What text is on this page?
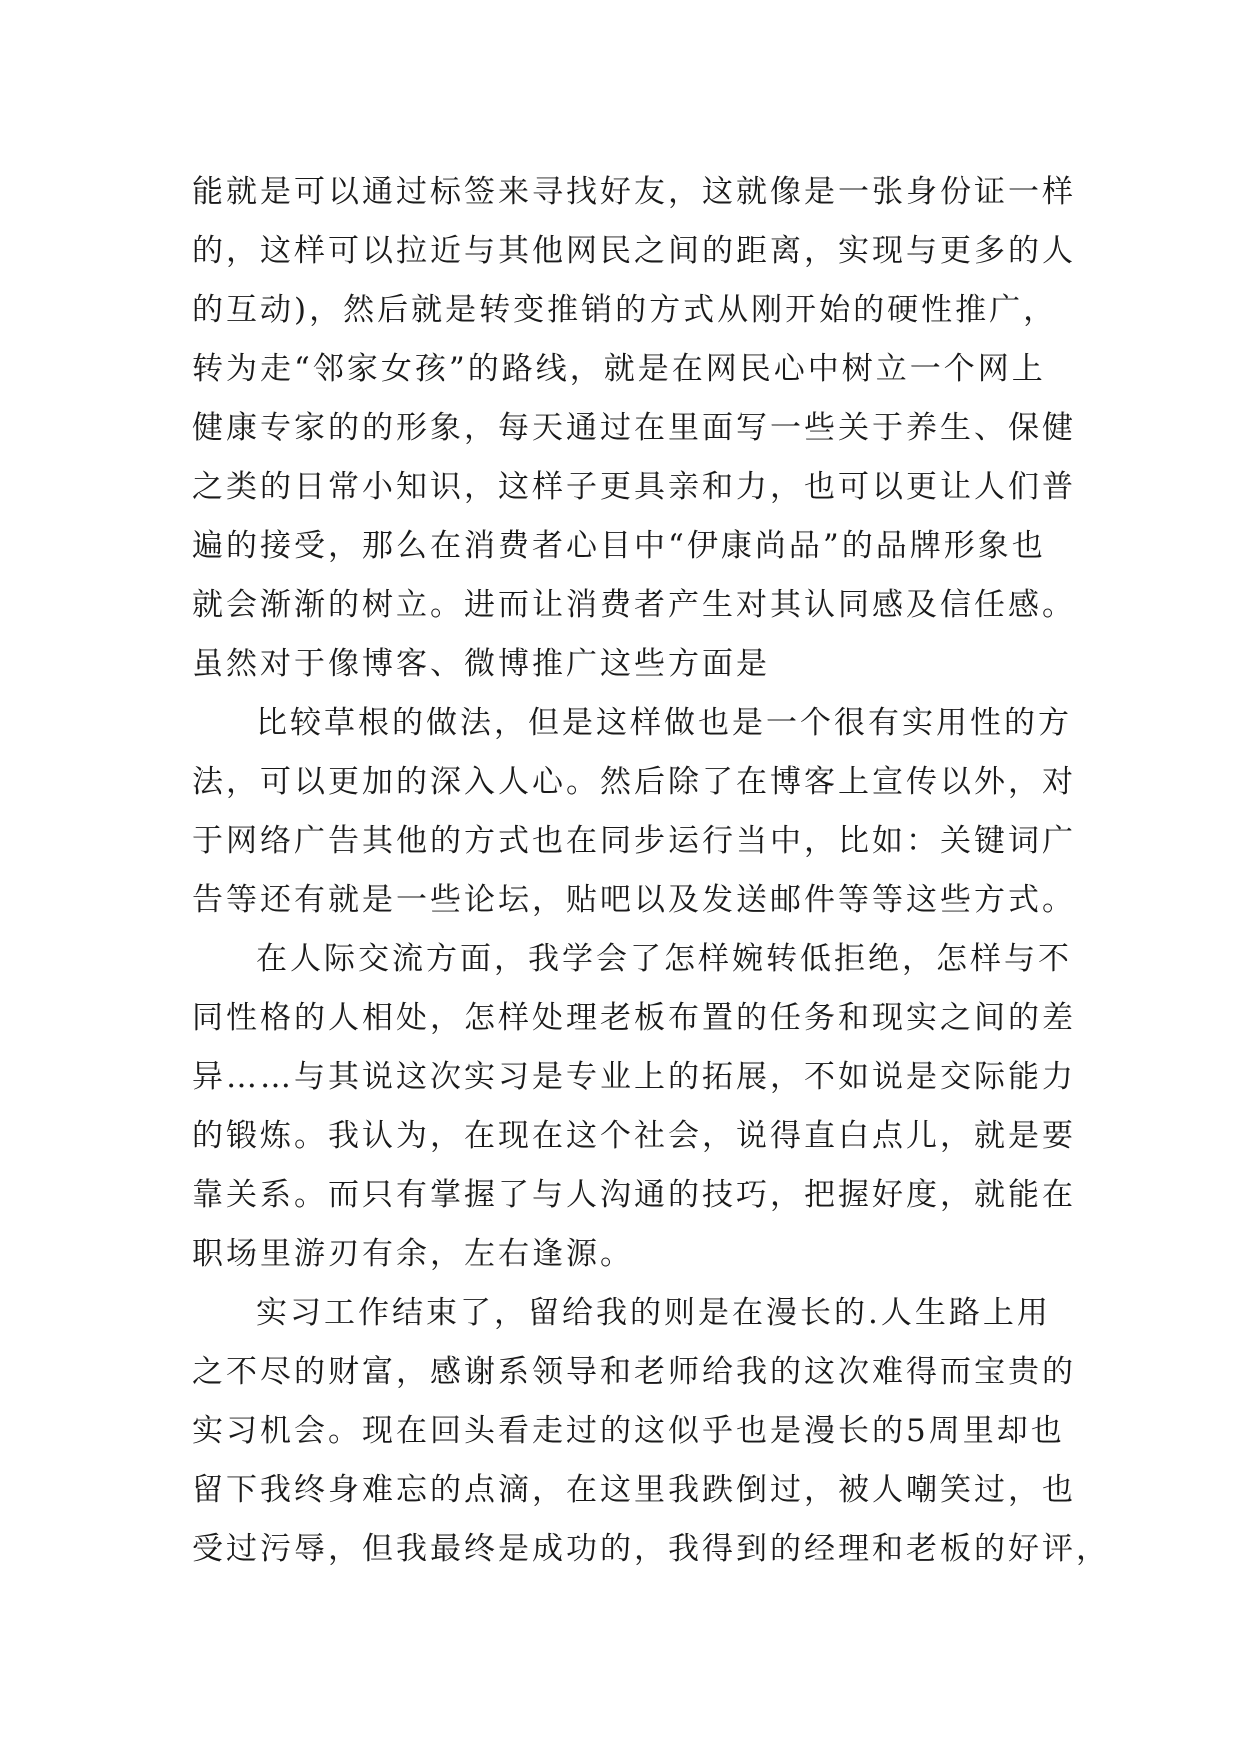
能就是可以通过标签来寻找好友，这就像是一张身份证一样
的，这样可以拉近与其他网民之间的距离，实现与更多的人
的互动)，然后就是转变推销的方式从刚开始的硬性推广，
转为走“邻家女孩”的路线，就是在网民心中树立一个网上
健康专家的的形象，每天通过在里面写一些关于养生、保健
之类的日常小知识，这样子更具亲和力，也可以更让人们普
遍的接受，那么在消费者心目中“伊康尚品”的品牌形象也
就会渐渐的树立。进而让消费者产生对其认同感及信任感。
虽然对于像博客、微博推广这些方面是
比较草根的做法，但是这样做也是一个很有实用性的方
法，可以更加的深入人心。然后除了在博客上宣传以外，对
于网络广告其他的方式也在同步运行当中，比如：关键词广
告等还有就是一些论坛，贴吧以及发送邮件等等这些方式。
在人际交流方面，我学会了怎样婉转低拒绝，怎样与不
同性格的人相处，怎样处理老板布置的任务和现实之间的差
异……与其说这次实习是专业上的拓展，不如说是交际能力
的锻炼。我认为，在现在这个社会，说得直白点儿，就是要
靠关系。而只有掌握了与人沟通的技巧，把握好度，就能在
职场里游刃有余，左右逢源。
实习工作结束了，留给我的则是在漫长的.人生路上用
之不尽的财富，感谢系领导和老师给我的这次难得而宝贵的
实习机会。现在回头看走过的这似乎也是漫长的5周里却也
留下我终身难忘的点滴，在这里我跌倒过，被人嘲笑过，也
受过污辱，但我最终是成功的，我得到的经理和老板的好评，
